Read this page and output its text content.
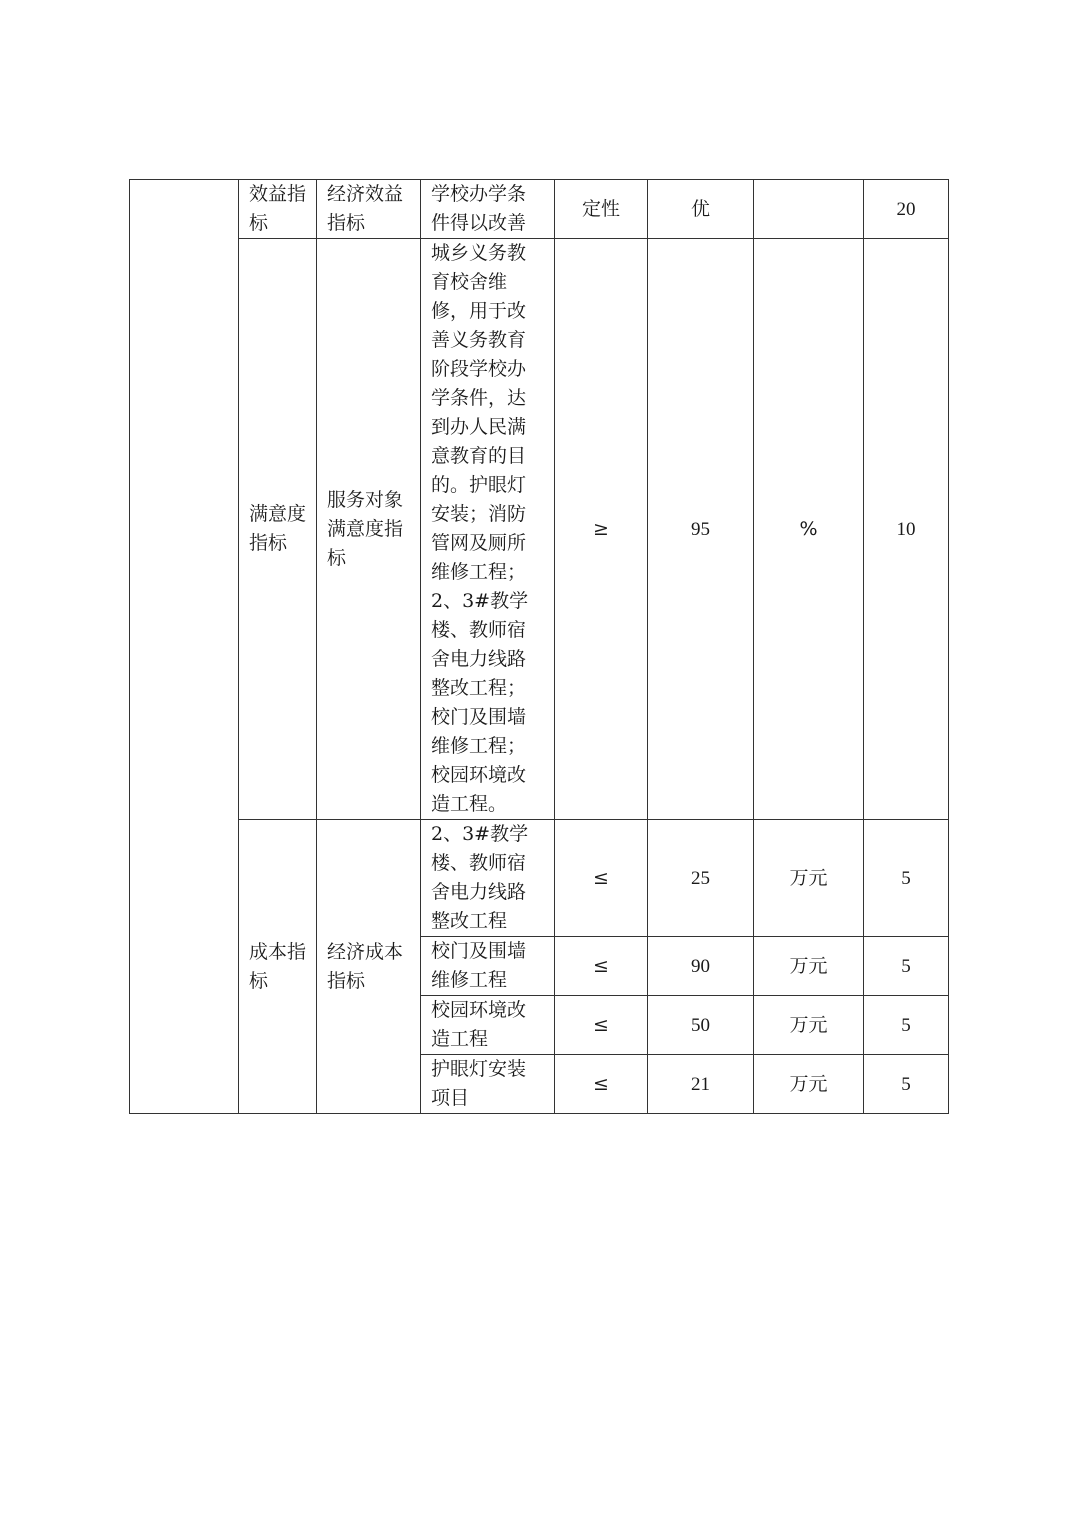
	效益指标	经济效益指标	学校办学条件得以改善	定性	优		20
	满意度指标	服务对象满意度指标	城乡义务教育校舍维修，用于改善义务教育阶段学校办学条件，达到办人民满意教育的目的。护眼灯安装；消防管网及厕所维修工程；2、3#教学楼、教师宿舍电力线路整改工程；校门及围墙维修工程；校园环境改造工程。	≥	95	%	10
	成本指标	经济成本指标	2、3#教学楼、教师宿舍电力线路整改工程	≤	25	万元	5
			校门及围墙维修工程	≤	90	万元	5
			校园环境改造工程	≤	50	万元	5
			护眼灯安装项目	≤	21	万元	5
